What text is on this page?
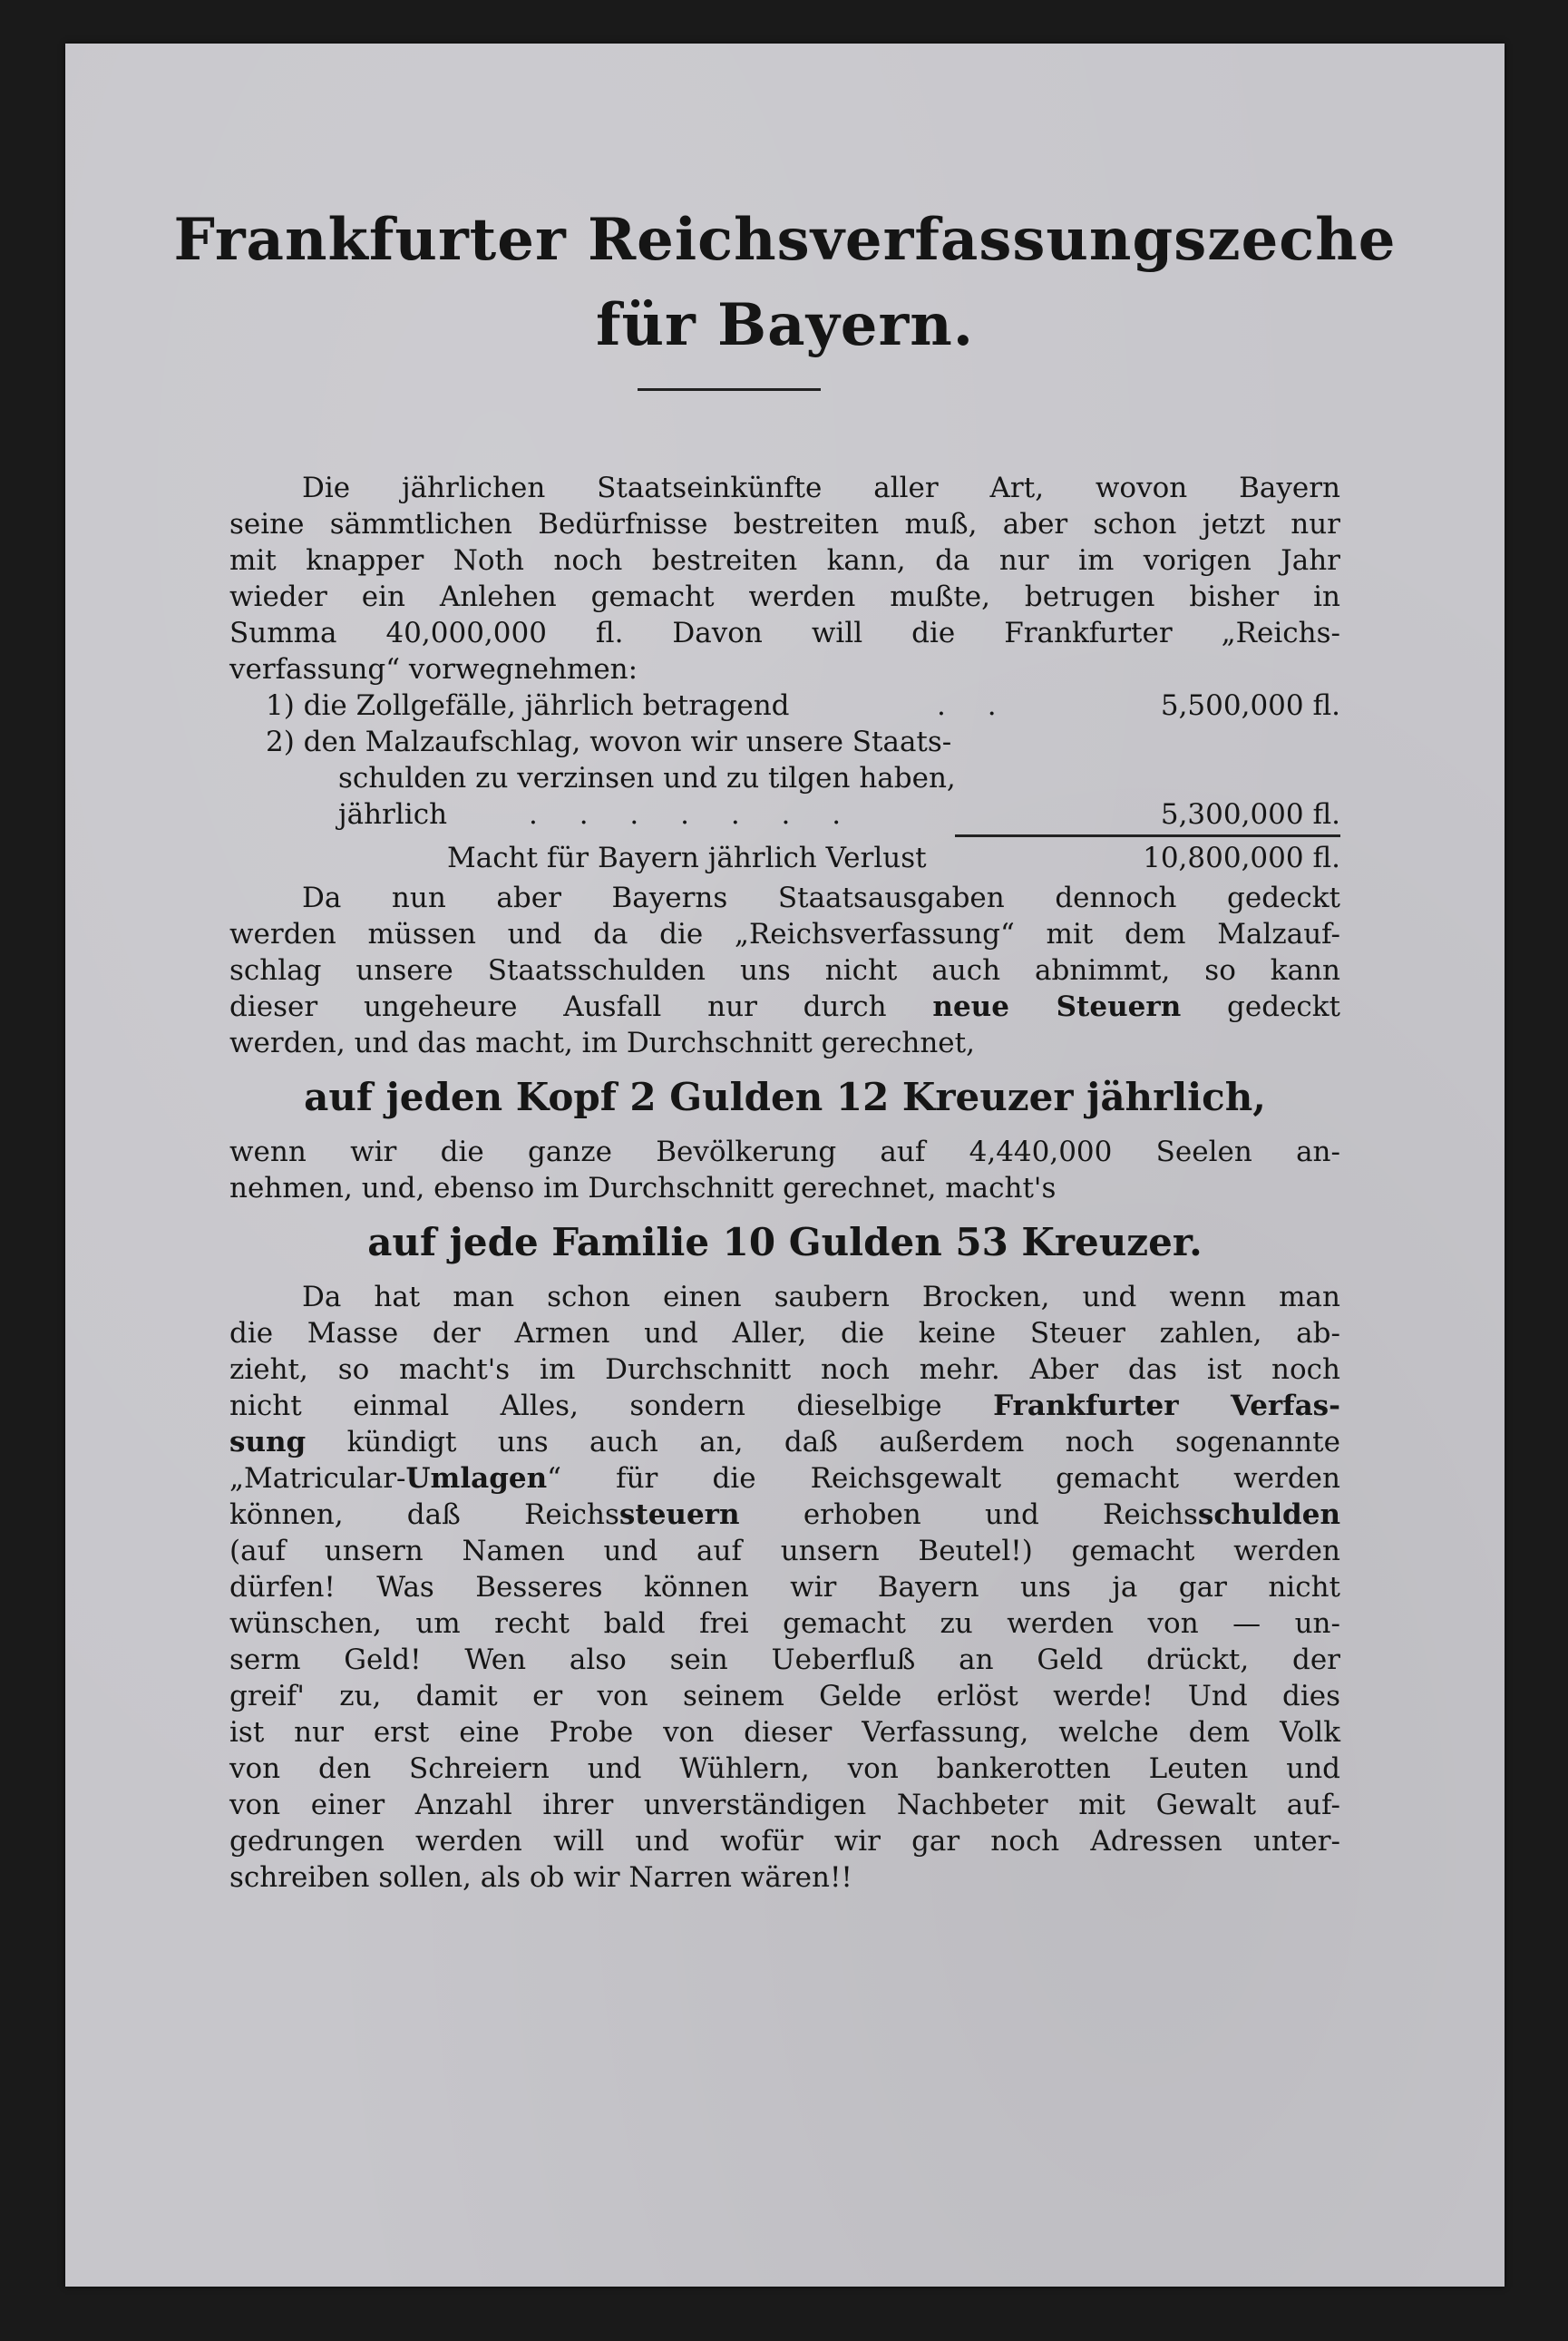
Frankfurter Reichsverfassungszeche
für Bayern.
Die jährlichen Staatseinkünfte aller Art, wovon Bayern
seine sämmtlichen Bedürfnisse bestreiten muß, aber schon jetzt nur
mit knapper Noth noch bestreiten kann, da nur im vorigen Jahr
wieder ein Anlehen gemacht werden mußte, betrugen bisher in
Summa 40,000,000 fl. Davon will die Frankfurter „Reichs-
verfassung“ vorwegnehmen:
1) die Zollgefälle, jährlich betragend	. .	5,500,000 fl.
2) den Malzaufschlag, wovon wir unsere Staats-
schulden zu verzinsen und zu tilgen haben,
jährlich	. . . . . . .	5,300,000 fl.
Macht für Bayern jährlich Verlust	10,800,000 fl.
Da nun aber Bayerns Staatsausgaben dennoch gedeckt
werden müssen und da die „Reichsverfassung“ mit dem Malzauf-
schlag unsere Staatsschulden uns nicht auch abnimmt, so kann
dieser ungeheure Ausfall nur durch neue Steuern gedeckt
werden, und das macht, im Durchschnitt gerechnet,
auf jeden Kopf 2 Gulden 12 Kreuzer jährlich,
wenn wir die ganze Bevölkerung auf 4,440,000 Seelen an-
nehmen, und, ebenso im Durchschnitt gerechnet, macht's
auf jede Familie 10 Gulden 53 Kreuzer.
Da hat man schon einen saubern Brocken, und wenn man
die Masse der Armen und Aller, die keine Steuer zahlen, ab-
zieht, so macht's im Durchschnitt noch mehr. Aber das ist noch
nicht einmal Alles, sondern dieselbige Frankfurter Verfas-
sung kündigt uns auch an, daß außerdem noch sogenannte
„Matricular-Umlagen“ für die Reichsgewalt gemacht werden
können, daß Reichssteuern erhoben und Reichsschulden
(auf unsern Namen und auf unsern Beutel!) gemacht werden
dürfen! Was Besseres können wir Bayern uns ja gar nicht
wünschen, um recht bald frei gemacht zu werden von — un-
serm Geld! Wen also sein Ueberfluß an Geld drückt, der
greif' zu, damit er von seinem Gelde erlöst werde! Und dies
ist nur erst eine Probe von dieser Verfassung, welche dem Volk
von den Schreiern und Wühlern, von bankerotten Leuten und
von einer Anzahl ihrer unverständigen Nachbeter mit Gewalt auf-
gedrungen werden will und wofür wir gar noch Adressen unter-
schreiben sollen, als ob wir Narren wären!!
